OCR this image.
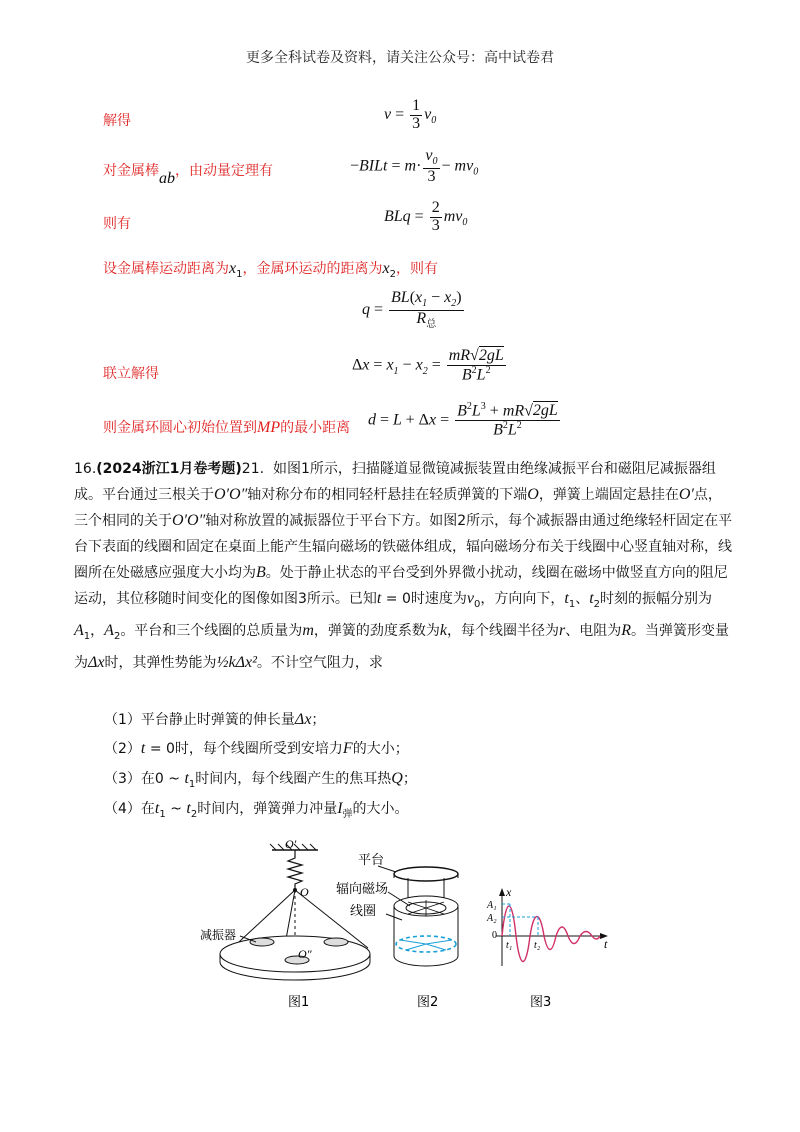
更多全科试卷及资料，请关注公众号：高中试卷君
解得	$v = \frac{1}{3} v_0$
对金属棒ab，由动量定理有	−BILt = $m\cdot \frac{v_0}{3} - mv_0$
则有	BLq = $\frac{2}{3} mv_0$
设金属棒运动距离为$x_1$，金属环运动的距离为$x_2$，则有
$q = \frac{BL(x_1 - x_2)}{R_总}$
联立解得
$\Delta x = x_1 - x_2 = \frac{mR√2gL}{B^2L^2}$
则金属环圆心初始位置到MP的最小距离 $d = L + \Delta x = \frac{B^2L^3 + mR√2gL}{B^2L^2}$
16.(2024浙江1月卷考题)21. 如图1所示，扫描隧道显微镜减振装置由绝缘减振平台和磁阻尼减振器组成。平台通过三根关于O′O″轴对称分布的相同轻杆悬挂在轻质弹簧的下端O，弹簧上端固定悬挂在O′点，三个相同的关于O′O″轴对称放置的减振器位于平台下方。如图2所示，每个减振器由通过绝缘轻杆固定在平台下表面的线圈和固定在桌面上能产生辐向磁场的铁磁体组成，辐向磁场分布关于线圈中心竖直轴对称，线圈所在处磁感应强度大小均为B。处于静止状态的平台受到外界微小扰动，线圈在磁场中做竖直方向的阻尼运动，其位移随时间变化的图像如图3所示。已知t = 0时速度为$v_0$，方向向下，$t_1$、$t_2$时刻的振幅分别为$A_1$，$A_2$。平台和三个线圈的总质量为m，弹簧的劲度系数为k，每个线圈半径为r、电阻为R。当弹簧形变量为Δx时，其弹性势能为½kΔx²。不计空气阻力，求
（1）平台静止时弹簧的伸长量Δx；
（2）t = 0时，每个线圈所受到安培力F的大小；
（3）在0 ~ $t_1$时间内，每个线圈产生的焦耳热Q；
（4）在$t_1$ ~ $t_2$时间内，弹簧弹力冲量$I_弹$的大小。
O′
O
O″
减振器
平台
辐向磁场
线圈
x
t
A₁
A₂
0
t₁ t₂
图1	图2	图3
